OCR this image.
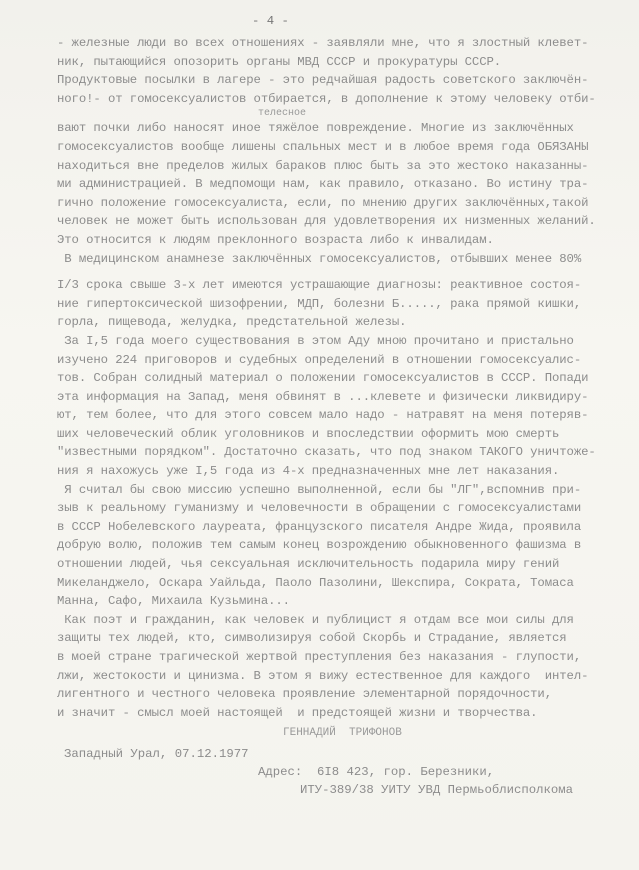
- 4 -
телесное
- железные люди во всех отношениях - заявляли мне, что я злостный клевет-
ник, пытающийся опозорить органы МВД СССР и прокуратуры СССР.
Продуктовые посылки в лагере - это редчайшая радость советского заключён-
ного!- от гомосексуалистов отбирается, в дополнение к этому человеку отби-
вают почки либо наносят иное тяжёлое повреждение. Многие из заключённых
гомосексуалистов вообще лишены спальных мест и в любое время года ОБЯЗАНЫ
находиться вне пределов жилых бараков плюс быть за это жестоко наказанны-
ми администрацией. В медпомощи нам, как правило, отказано. Во истину тра-
гично положение гомосексуалиста, если, по мнению других заключённых,такой
человек не может быть использован для удовлетворения их низменных желаний.
Это относится к людям преклонного возраста либо к инвалидам.
В медицинском анамнезе заключённых гомосексуалистов, отбывших менее 80%
I/3 срока свыше 3-х лет имеются устрашающие диагнозы: реактивное состоя-
ние гипертоксической шизофрении, МДП, болезни Б....., рака прямой кишки,
горла, пищевода, желудка, предстательной железы.
За I,5 года моего существования в этом Аду мною прочитано и пристально
изучено 224 приговоров и судебных определений в отношении гомосексуалис-
тов. Собран солидный материал о положении гомосексуалистов в СССР. Попади
эта информация на Запад, меня обвинят в ...клевете и физически ликвидиру-
ют, тем более, что для этого совсем мало надо - натравят на меня потеряв-
ших человеческий облик уголовников и впоследствии оформить мою смерть
"известными порядком". Достаточно сказать, что под знаком ТАКОГО уничтоже-
ния я нахожусь уже I,5 года из 4-х предназначенных мне лет наказания.
Я считал бы свою миссию успешно выполненной, если бы "ЛГ",вспомнив при-
зыв к реальному гуманизму и человечности в обращении с гомосексуалистами
в СССР Нобелевского лауреата, французского писателя Андре Жида, проявила
добрую волю, положив тем самым конец возрождению обыкновенного фашизма в
отношении людей, чья сексуальная исключительность подарила миру гений
Микеланджело, Оскара Уайльда, Паоло Пазолини, Шекспира, Сократа, Томаса
Манна, Сафо, Михаила Кузьмина...
Как поэт и гражданин, как человек и публицист я отдам все мои силы для
защиты тех людей, кто, символизируя собой Скорбь и Страдание, является
в моей стране трагической жертвой преступления без наказания - глупости,
лжи, жестокости и цинизма. В этом я вижу естественное для каждого  интел-
лигентного и честного человека проявление элементарной порядочности,
и значит - смысл моей настоящей  и предстоящей жизни и творчества.
ГЕННАДИЙ  ТРИФОНОВ
Западный Урал, 07.12.1977
Адрес:  6I8 423, гор. Березники,
ИТУ-389/38 УИТУ УВД Пермьоблисполкома
